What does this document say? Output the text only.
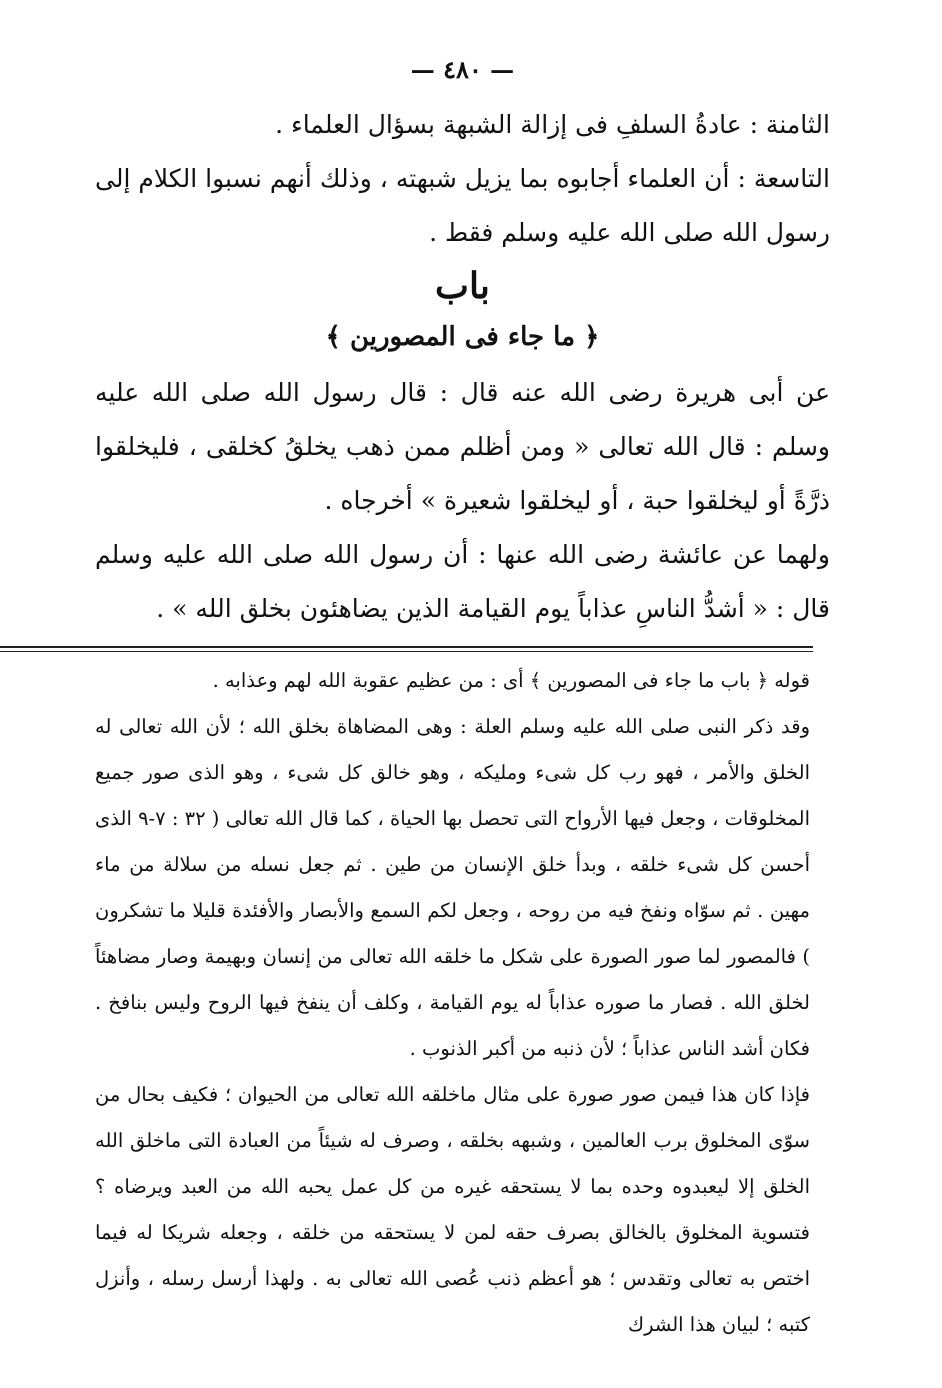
— ٤٨٠ —

الثامنة : عادةُ السلفِ فى إزالة الشبهة بسؤال العلماء .

التاسعة : أن العلماء أجابوه بما يزيل شبهته ، وذلك أنهم نسبوا الكلام إلى رسول الله صلى الله عليه وسلم فقط .

باب
﴿ ما جاء فى المصورين ﴾

عن أبى هريرة رضى الله عنه قال : قال رسول الله صلى الله عليه وسلم : قال الله تعالى « ومن أظلم ممن ذهب يخلقُ كخلقى ، فليخلقوا ذرَّةً أو ليخلقوا حبة ، أو ليخلقوا شعيرة » أخرجاه .

ولهما عن عائشة رضى الله عنها : أن رسول الله صلى الله عليه وسلم قال : « أشدُّ الناسِ عذاباً يوم القيامة الذين يضاهئون بخلق الله » .

قوله ﴿ باب ما جاء فى المصورين ﴾ أى : من عظيم عقوبة الله لهم وعذابه .

وقد ذكر النبى صلى الله عليه وسلم العلة : وهى المضاهاة بخلق الله ؛ لأن الله تعالى له الخلق والأمر ، فهو رب كل شىء ومليكه ، وهو خالق كل شىء ، وهو الذى صور جميع المخلوقات ، وجعل فيها الأرواح التى تحصل بها الحياة ، كما قال الله تعالى ( ٣٢ : ٧-٩ الذى أحسن كل شىء خلقه ، وبدأ خلق الإنسان من طين . ثم جعل نسله من سلالة من ماء مهين . ثم سوّاه ونفخ فيه من روحه ، وجعل لكم السمع والأبصار والأفئدة قليلا ما تشكرون ) فالمصور لما صور الصورة على شكل ما خلقه الله تعالى من إنسان وبهيمة وصار مضاهئاً لخلق الله . فصار ما صوره عذاباً له يوم القيامة ، وكلف أن ينفخ فيها الروح وليس بنافخ . فكان أشد الناس عذاباً ؛ لأن ذنبه من أكبر الذنوب .

فإذا كان هذا فيمن صور صورة على مثال ماخلقه الله تعالى من الحيوان ؛ فكيف بحال من سوّى المخلوق برب العالمين ، وشبهه بخلقه ، وصرف له شيئاً من العبادة التى ماخلق الله الخلق إلا ليعبدوه وحده بما لا يستحقه غيره من كل عمل يحبه الله من العبد ويرضاه ؟ فتسوية المخلوق بالخالق بصرف حقه لمن لا يستحقه من خلقه ، وجعله شريكا له فيما اختص به تعالى وتقدس ؛ هو أعظم ذنب عُصى الله تعالى به . ولهذا أرسل رسله ، وأنزل كتبه ؛ لبيان هذا الشرك
